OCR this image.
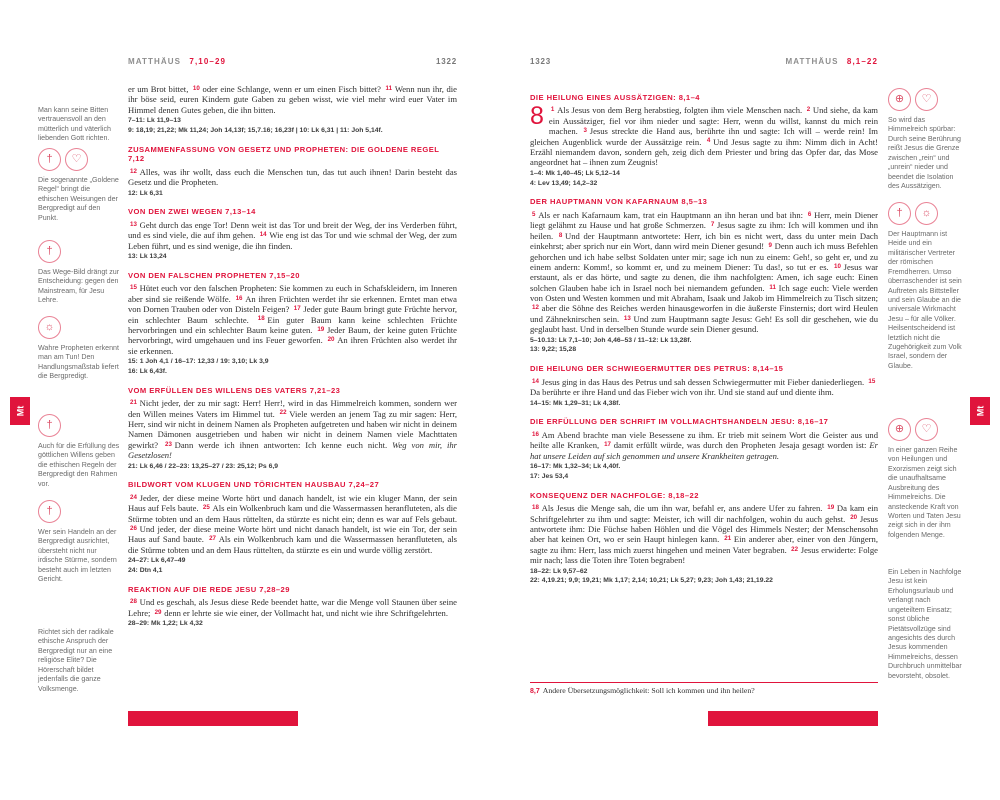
MATTHÄUS 7,10–29	1322
Man kann seine Bitten vertrauensvoll an den mütterlich und väterlich liebenden Gott richten.
†	♡
Die sogenannte „Goldene Regel“ bringt die ethischen Weisungen der Bergpredigt auf den Punkt.
†
Das Wege-Bild drängt zur Entscheidung: gegen den Mainstream, für Jesu Lehre.
☼
Wahre Propheten erkennt man am Tun! Den Handlungsmaßstab liefert die Bergpredigt.
†
Auch für die Erfüllung des göttlichen Willens geben die ethischen Regeln der Bergpredigt den Rahmen vor.
†
Wer sein Handeln an der Bergpredigt ausrichtet, übersteht nicht nur irdische Stürme, sondern besteht auch im letzten Gericht.
Richtet sich der radikale ethische Anspruch der Bergpredigt nur an eine religiöse Elite? Die Hörerschaft bildet jedenfalls die ganze Volksmenge.

er um Brot bittet, $^{10}$  oder eine Schlange, wenn er um einen Fisch bittet? $^{11}$  Wenn nun ihr, die ihr böse seid, euren Kindern gute Gaben zu geben wisst, wie viel mehr wird euer Vater im Himmel denen Gutes geben, die ihn bitten.

7–11: Lk 11,9–13
9: 18,19; 21,22; Mk 11,24; Joh 14,13f; 15,7.16; 16,23f | 10: Lk 6,31 | 11: Joh 5,14f.
ZUSAMMENFASSUNG VON GESETZ UND PROPHETEN: DIE GOLDENE REGEL 7,12

$^{12}$  Alles, was ihr wollt, dass euch die Menschen tun, das tut auch ihnen! Darin besteht das Gesetz und die Propheten.

12: Lk 6,31
VON DEN ZWEI WEGEN 7,13–14

$^{13}$  Geht durch das enge Tor! Denn weit ist das Tor und breit der Weg, der ins Verderben führt, und es sind viele, die auf ihm gehen. $^{14}$  Wie eng ist das Tor und wie schmal der Weg, der zum Leben führt, und es sind wenige, die ihn finden.

13: Lk 13,24
VON DEN FALSCHEN PROPHETEN 7,15–20

$^{15}$  Hütet euch vor den falschen Propheten: Sie kommen zu euch in Schafskleidern, im Inneren aber sind sie reißende Wölfe. $^{16}$  An ihren Früchten werdet ihr sie erkennen. Erntet man etwa von Dornen Trauben oder von Disteln Feigen? $^{17}$  Jeder gute Baum bringt gute Früchte hervor, ein schlechter Baum schlechte. $^{18}$  Ein guter Baum kann keine schlechten Früchte hervorbringen und ein schlechter Baum keine guten. $^{19}$  Jeder Baum, der keine guten Früchte hervorbringt, wird umgehauen und ins Feuer geworfen. $^{20}$  An ihren Früchten also werdet ihr sie erkennen.

15: 1 Joh 4,1 / 16–17: 12,33 / 19: 3,10; Lk 3,9
16: Lk 6,43f.
VOM ERFÜLLEN DES WILLENS DES VATERS 7,21–23

$^{21}$  Nicht jeder, der zu mir sagt: Herr! Herr!, wird in das Himmelreich kommen, sondern wer den Willen meines Vaters im Himmel tut. $^{22}$  Viele werden an jenem Tag zu mir sagen: Herr, Herr, sind wir nicht in deinem Namen als Propheten aufgetreten und haben wir nicht in deinem Namen Dämonen ausgetrieben und haben wir nicht in deinem Namen viele Machttaten gewirkt? $^{23}$  Dann werde ich ihnen antworten: Ich kenne euch nicht. Weg von mir, ihr Gesetzlosen!

21: Lk 6,46 / 22–23: 13,25–27 / 23: 25,12; Ps 6,9
BILDWORT VOM KLUGEN UND TÖRICHTEN HAUSBAU 7,24–27

$^{24}$  Jeder, der diese meine Worte hört und danach handelt, ist wie ein kluger Mann, der sein Haus auf Fels baute. $^{25}$  Als ein Wolkenbruch kam und die Wassermassen heranfluteten, als die Stürme tobten und an dem Haus rüttelten, da stürzte es nicht ein; denn es war auf Fels gebaut. $^{26}$  Und jeder, der diese meine Worte hört und nicht danach handelt, ist wie ein Tor, der sein Haus auf Sand baute. $^{27}$  Als ein Wolkenbruch kam und die Wassermassen heranfluteten, als die Stürme tobten und an dem Haus rüttelten, da stürzte es ein und wurde völlig zerstört.

24–27: Lk 6,47–49
24: Dtn 4,1
REAKTION AUF DIE REDE JESU 7,28–29

$^{28}$  Und es geschah, als Jesus diese Rede beendet hatte, war die Menge voll Staunen über seine Lehre; $^{29}$  denn er lehrte sie wie einer, der Vollmacht hat, und nicht wie ihre Schriftgelehrten.

28–29: Mk 1,22; Lk 4,32
1323	MATTHÄUS 8,1–22
DIE HEILUNG EINES AUSSÄTZIGEN: 8,1–4

8 $^1$  Als Jesus von dem Berg herabstieg, folgten ihm viele Menschen nach. $^2$  Und siehe, da kam ein Aussätziger, fiel vor ihm nieder und sagte: Herr, wenn du willst, kannst du mich rein machen. $^3$  Jesus streckte die Hand aus, berührte ihn und sagte: Ich will – werde rein! Im gleichen Augenblick wurde der Aussätzige rein. $^4$  Und Jesus sagte zu ihm: Nimm dich in Acht! Erzähl niemandem davon, sondern geh, zeig dich dem Priester und bring das Opfer dar, das Mose angeordnet hat – ihnen zum Zeugnis!

1–4: Mk 1,40–45; Lk 5,12–14
4: Lev 13,49; 14,2–32
DER HAUPTMANN VON KAFARNAUM 8,5–13

$^5$  Als er nach Kafarnaum kam, trat ein Hauptmann an ihn heran und bat ihn: $^6$  Herr, mein Diener liegt gelähmt zu Hause und hat große Schmerzen. $^7$  Jesus sagte zu ihm: Ich will kommen und ihn heilen. $^8$  Und der Hauptmann antwortete: Herr, ich bin es nicht wert, dass du unter mein Dach einkehrst; aber sprich nur ein Wort, dann wird mein Diener gesund! $^9$  Denn auch ich muss Befehlen gehorchen und ich habe selbst Soldaten unter mir; sage ich nun zu einem: Geh!, so geht er, und zu einem andern: Komm!, so kommt er, und zu meinem Diener: Tu das!, so tut er es. $^{10}$  Jesus war erstaunt, als er das hörte, und sagte zu denen, die ihm nachfolgten: Amen, ich sage euch: Einen solchen Glauben habe ich in Israel noch bei niemandem gefunden. $^{11}$  Ich sage euch: Viele werden von Osten und Westen kommen und mit Abraham, Isaak und Jakob im Himmelreich zu Tisch sitzen; $^{12}$  aber die Söhne des Reiches werden hinausgeworfen in die äußerste Finsternis; dort wird Heulen und Zähneknirschen sein. $^{13}$  Und zum Hauptmann sagte Jesus: Geh! Es soll dir geschehen, wie du geglaubt hast. Und in derselben Stunde wurde sein Diener gesund.

5–10.13: Lk 7,1–10; Joh 4,46–53 / 11–12: Lk 13,28f.
13: 9,22; 15,28
DIE HEILUNG DER SCHWIEGERMUTTER DES PETRUS: 8,14–15

$^{14}$  Jesus ging in das Haus des Petrus und sah dessen Schwiegermutter mit Fieber daniederliegen. $^{15}$ Da berührte er ihre Hand und das Fieber wich von ihr. Und sie stand auf und diente ihm.

14–15: Mk 1,29–31; Lk 4,38f.
DIE ERFÜLLUNG DER SCHRIFT IM VOLLMACHTSHANDELN JESU: 8,16–17

$^{16}$  Am Abend brachte man viele Besessene zu ihm. Er trieb mit seinem Wort die Geister aus und heilte alle Kranken, $^{17}$  damit erfüllt würde, was durch den Propheten Jesaja gesagt worden ist: Er hat unsere Leiden auf sich genommen und unsere Krankheiten getragen.

16–17: Mk 1,32–34; Lk 4,40f.
17: Jes 53,4
KONSEQUENZ DER NACHFOLGE: 8,18–22

$^{18}$  Als Jesus die Menge sah, die um ihn war, befahl er, ans andere Ufer zu fahren. $^{19}$  Da kam ein Schriftgelehrter zu ihm und sagte: Meister, ich will dir nachfolgen, wohin du auch gehst. $^{20}$  Jesus antwortete ihm: Die Füchse haben Höhlen und die Vögel des Himmels Nester; der Menschensohn aber hat keinen Ort, wo er sein Haupt hinlegen kann. $^{21}$  Ein anderer aber, einer von den Jüngern, sagte zu ihm: Herr, lass mich zuerst hingehen und meinen Vater begraben. $^{22}$  Jesus erwiderte: Folge mir nach; lass die Toten ihre Toten begraben!

18–22: Lk 9,57–62
22: 4,19.21; 9,9; 19,21; Mk 1,17; 2,14; 10,21; Lk 5,27; 9,23; Joh 1,43; 21,19.22
⊕	♡
So wird das Himmelreich spürbar: Durch seine Berührung reißt Jesus die Grenze zwischen „rein“ und „unrein“ nieder und beendet die Isolation des Aussätzigen.
†	☼
Der Hauptmann ist Heide und ein militärischer Vertreter der römischen Fremdherren. Umso überraschender ist sein Auftreten als Bittsteller und sein Glaube an die universale Wirkmacht Jesu – für alle Völker. Heilsentscheidend ist letztlich nicht die Zugehörigkeit zum Volk Israel, sondern der Glaube.
⊕	♡
In einer ganzen Reihe von Heilungen und Exorzismen zeigt sich die unaufhaltsame Ausbreitung des Himmelreichs. Die ansteckende Kraft von Worten und Taten Jesu zeigt sich in der ihm folgenden Menge.
Ein Leben in Nachfolge Jesu ist kein Erholungsurlaub und verlangt nach ungeteiltem Einsatz; sonst übliche Pietätsvollzüge sind angesichts des durch Jesus kommenden Himmelreichs, dessen Durchbruch unmittelbar bevorsteht, obsolet.
8,7 Andere Übersetzungsmöglichkeit: Soll ich kommen und ihn heilen?
Mt	Mt
